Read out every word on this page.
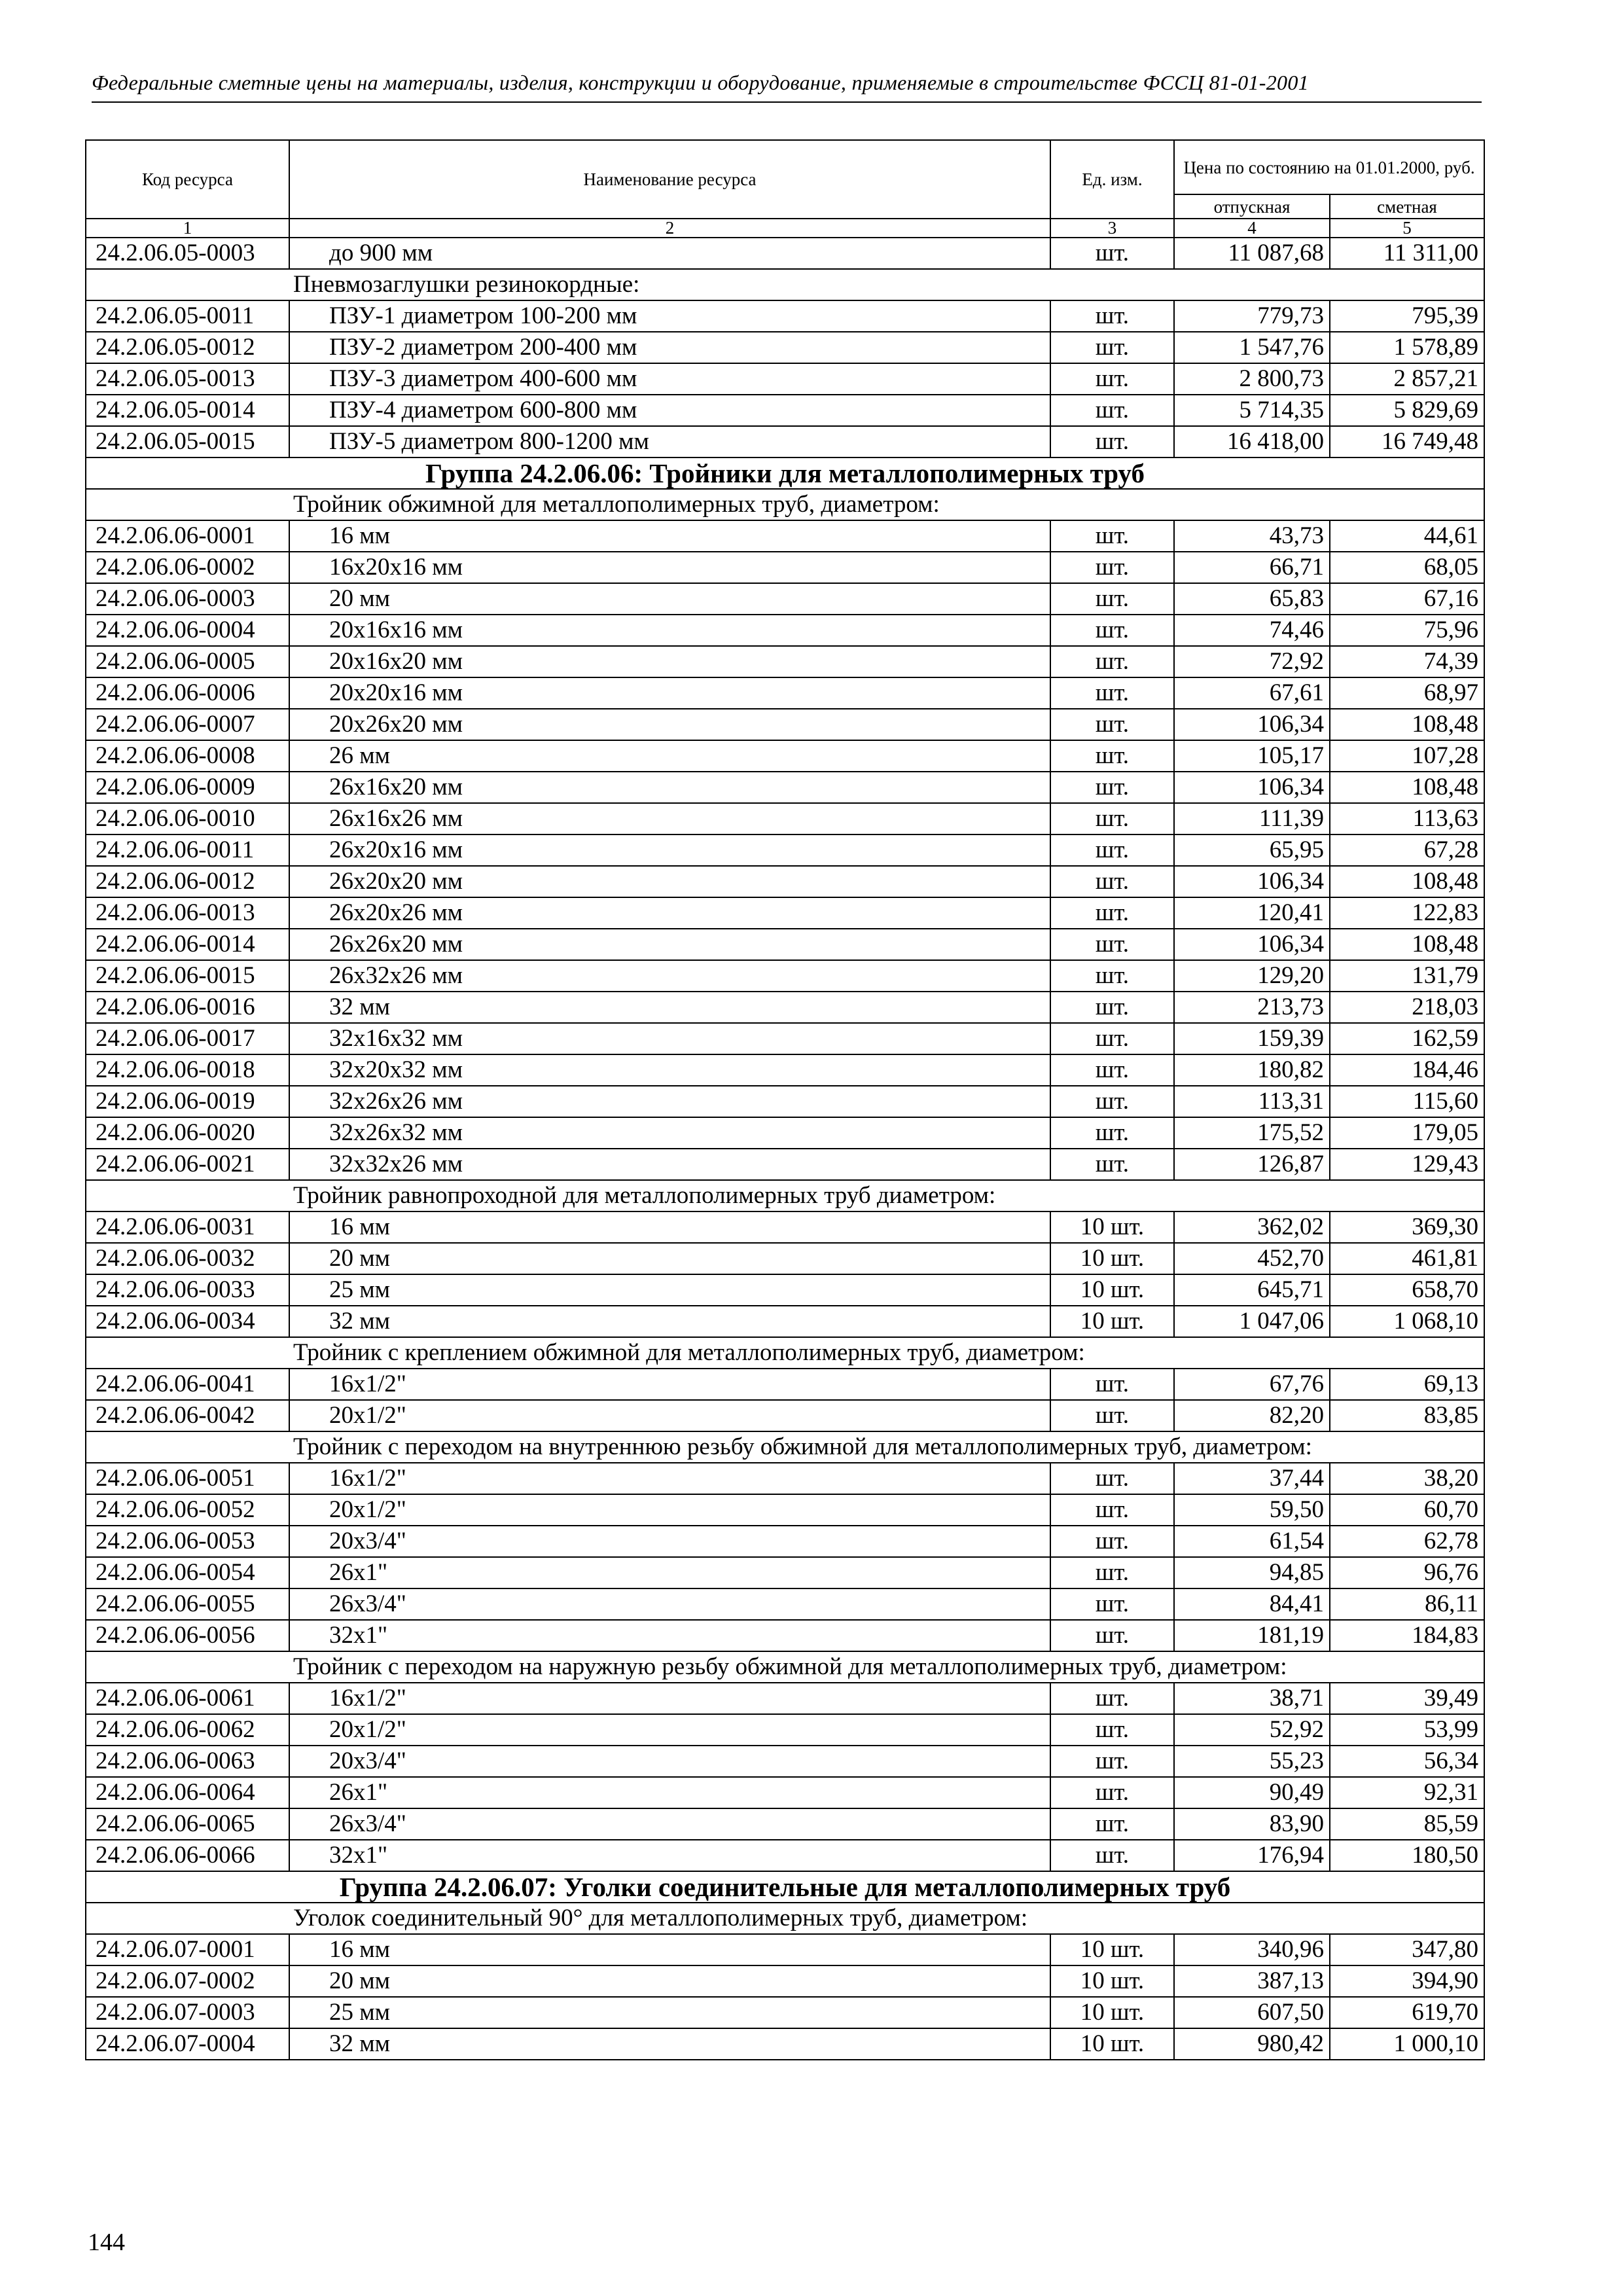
Федеральные сметные цены на материалы, изделия, конструкции и оборудование, применяемые в строительстве ФССЦ 81-01-2001
Код ресурса	Наименование ресурса	Ед. изм.	Цена по состоянию на 01.01.2000, руб.	
			отпускная	сметная
1	2	3	4	5
24.2.06.05-0003	до 900 мм	шт.	11 087,68	11 311,00
Пневмозаглушки резинокордные:				
24.2.06.05-0011	ПЗУ-1 диаметром 100-200 мм	шт.	779,73	795,39
24.2.06.05-0012	ПЗУ-2 диаметром 200-400 мм	шт.	1 547,76	1 578,89
24.2.06.05-0013	ПЗУ-3 диаметром 400-600 мм	шт.	2 800,73	2 857,21
24.2.06.05-0014	ПЗУ-4 диаметром 600-800 мм	шт.	5 714,35	5 829,69
24.2.06.05-0015	ПЗУ-5 диаметром 800-1200 мм	шт.	16 418,00	16 749,48
Группа 24.2.06.06: Тройники для металлополимерных труб				
Тройник обжимной для металлополимерных труб, диаметром:				
24.2.06.06-0001	16 мм	шт.	43,73	44,61
24.2.06.06-0002	16х20х16 мм	шт.	66,71	68,05
24.2.06.06-0003	20 мм	шт.	65,83	67,16
24.2.06.06-0004	20х16х16 мм	шт.	74,46	75,96
24.2.06.06-0005	20х16х20 мм	шт.	72,92	74,39
24.2.06.06-0006	20х20х16 мм	шт.	67,61	68,97
24.2.06.06-0007	20х26х20 мм	шт.	106,34	108,48
24.2.06.06-0008	26 мм	шт.	105,17	107,28
24.2.06.06-0009	26х16х20 мм	шт.	106,34	108,48
24.2.06.06-0010	26х16х26 мм	шт.	111,39	113,63
24.2.06.06-0011	26х20х16 мм	шт.	65,95	67,28
24.2.06.06-0012	26х20х20 мм	шт.	106,34	108,48
24.2.06.06-0013	26х20х26 мм	шт.	120,41	122,83
24.2.06.06-0014	26х26х20 мм	шт.	106,34	108,48
24.2.06.06-0015	26х32х26 мм	шт.	129,20	131,79
24.2.06.06-0016	32 мм	шт.	213,73	218,03
24.2.06.06-0017	32х16х32 мм	шт.	159,39	162,59
24.2.06.06-0018	32х20х32 мм	шт.	180,82	184,46
24.2.06.06-0019	32х26х26 мм	шт.	113,31	115,60
24.2.06.06-0020	32х26х32 мм	шт.	175,52	179,05
24.2.06.06-0021	32х32х26 мм	шт.	126,87	129,43
Тройник равнопроходной для металлополимерных труб диаметром:				
24.2.06.06-0031	16 мм	10 шт.	362,02	369,30
24.2.06.06-0032	20 мм	10 шт.	452,70	461,81
24.2.06.06-0033	25 мм	10 шт.	645,71	658,70
24.2.06.06-0034	32 мм	10 шт.	1 047,06	1 068,10
Тройник с креплением обжимной для металлополимерных труб, диаметром:				
24.2.06.06-0041	16х1/2"	шт.	67,76	69,13
24.2.06.06-0042	20х1/2"	шт.	82,20	83,85
Тройник с переходом на внутреннюю резьбу обжимной для металлополимерных труб, диаметром:				
24.2.06.06-0051	16х1/2"	шт.	37,44	38,20
24.2.06.06-0052	20х1/2"	шт.	59,50	60,70
24.2.06.06-0053	20х3/4"	шт.	61,54	62,78
24.2.06.06-0054	26х1"	шт.	94,85	96,76
24.2.06.06-0055	26х3/4"	шт.	84,41	86,11
24.2.06.06-0056	32х1"	шт.	181,19	184,83
Тройник с переходом на наружную резьбу обжимной для металлополимерных труб, диаметром:				
24.2.06.06-0061	16х1/2"	шт.	38,71	39,49
24.2.06.06-0062	20х1/2"	шт.	52,92	53,99
24.2.06.06-0063	20х3/4"	шт.	55,23	56,34
24.2.06.06-0064	26х1"	шт.	90,49	92,31
24.2.06.06-0065	26х3/4"	шт.	83,90	85,59
24.2.06.06-0066	32х1"	шт.	176,94	180,50
Группа 24.2.06.07: Уголки соединительные для металлополимерных труб				
Уголок соединительный 90° для металлополимерных труб, диаметром:				
24.2.06.07-0001	16 мм	10 шт.	340,96	347,80
24.2.06.07-0002	20 мм	10 шт.	387,13	394,90
24.2.06.07-0003	25 мм	10 шт.	607,50	619,70
24.2.06.07-0004	32 мм	10 шт.	980,42	1 000,10
144
